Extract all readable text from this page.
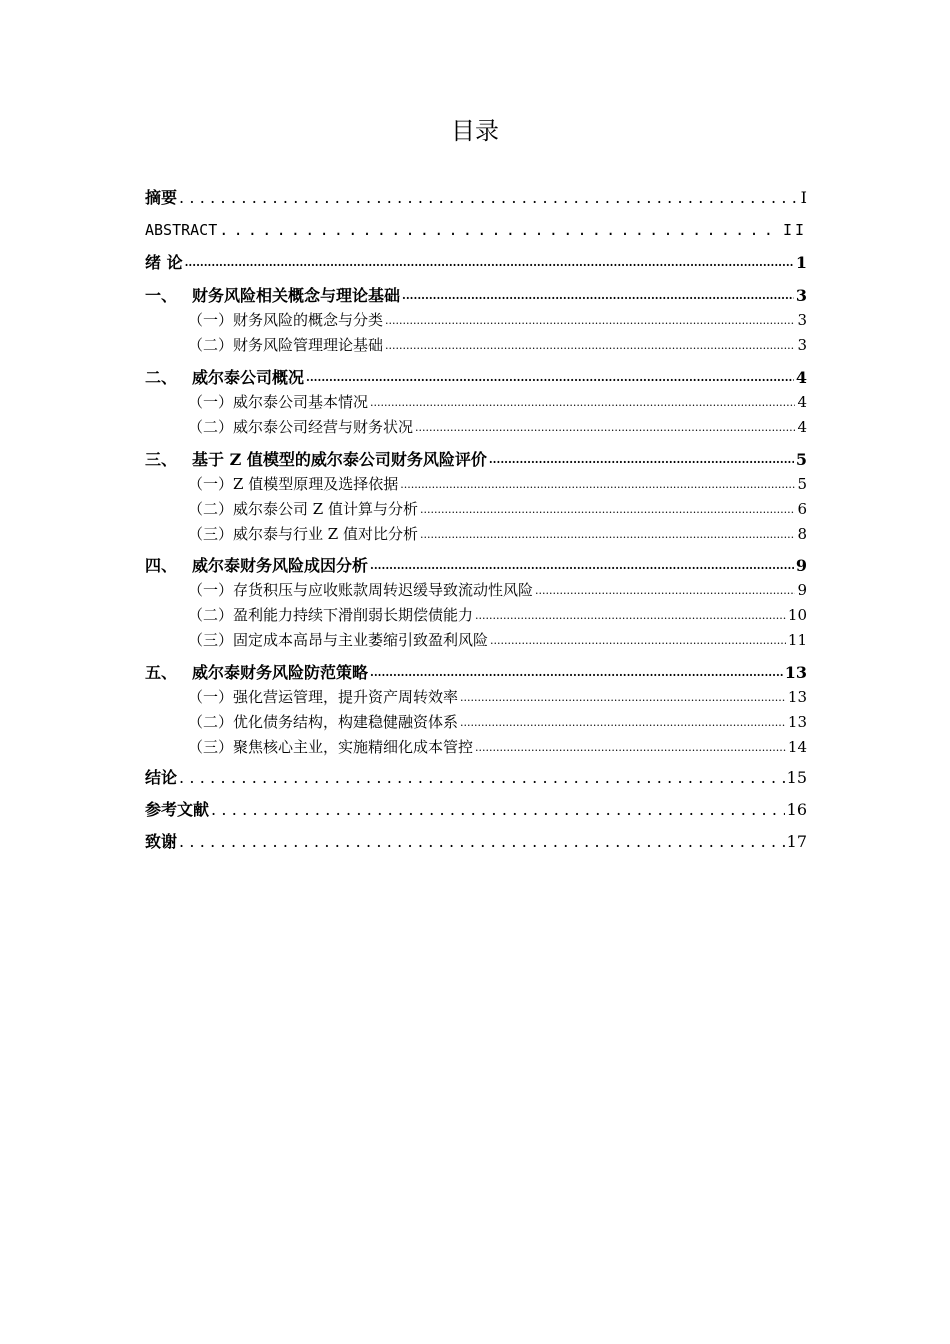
目录
摘要 .....	I
ABSTRACT .....	II
绪 论 .....	1
一、 财务风险相关概念与理论基础 .....	3
（一）财务风险的概念与分类 .....	3
（二）财务风险管理理论基础 .....	3
二、 威尔泰公司概况 .....	4
（一）威尔泰公司基本情况 .....	4
（二）威尔泰公司经营与财务状况 .....	4
三、 基于 Z 值模型的威尔泰公司财务风险评价 .....	5
（一）Z 值模型原理及选择依据 .....	5
（二）威尔泰公司 Z 值计算与分析 .....	6
（三）威尔泰与行业 Z 值对比分析 .....	8
四、 威尔泰财务风险成因分析 .....	9
（一）存货积压与应收账款周转迟缓导致流动性风险 .....	9
（二）盈利能力持续下滑削弱长期偿债能力 .....	10
（三）固定成本高昂与主业萎缩引致盈利风险 .....	11
五、 威尔泰财务风险防范策略 .....	13
（一）强化营运管理，提升资产周转效率 .....	13
（二）优化债务结构，构建稳健融资体系 .....	13
（三）聚焦核心主业，实施精细化成本管控 .....	14
结论 .....	15
参考文献 .....	16
致谢 .....	17
